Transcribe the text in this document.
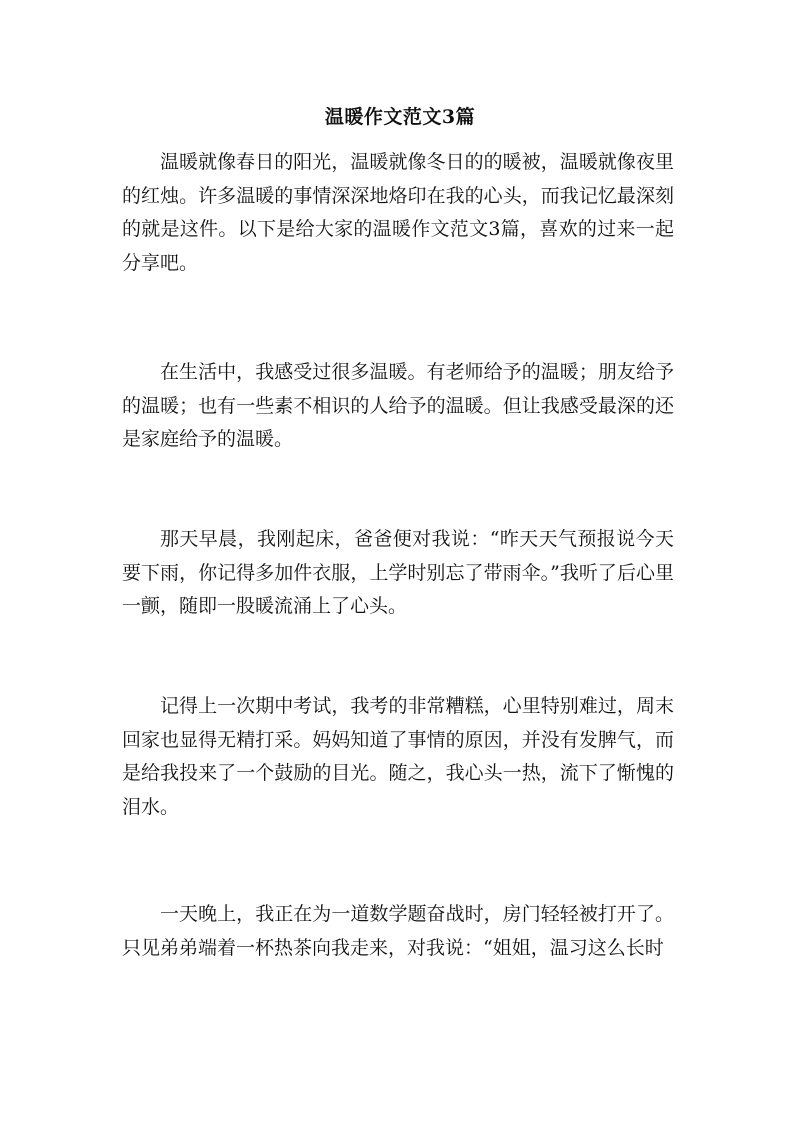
温暖作文范文3篇

温暖就像春日的阳光，温暖就像冬日的的暖被，温暖就像夜里的红烛。许多温暖的事情深深地烙印在我的心头，而我记忆最深刻的就是这件。以下是给大家的温暖作文范文3篇，喜欢的过来一起分享吧。

在生活中，我感受过很多温暖。有老师给予的温暖；朋友给予的温暖；也有一些素不相识的人给予的温暖。但让我感受最深的还是家庭给予的温暖。

那天早晨，我刚起床，爸爸便对我说：“昨天天气预报说今天要下雨，你记得多加件衣服，上学时别忘了带雨伞。”我听了后心里一颤，随即一股暖流涌上了心头。

记得上一次期中考试，我考的非常糟糕，心里特别难过，周末回家也显得无精打采。妈妈知道了事情的原因，并没有发脾气，而是给我投来了一个鼓励的目光。随之，我心头一热，流下了惭愧的泪水。

一天晚上，我正在为一道数学题奋战时，房门轻轻被打开了。只见弟弟端着一杯热茶向我走来，对我说：“姐姐，温习这么长时
